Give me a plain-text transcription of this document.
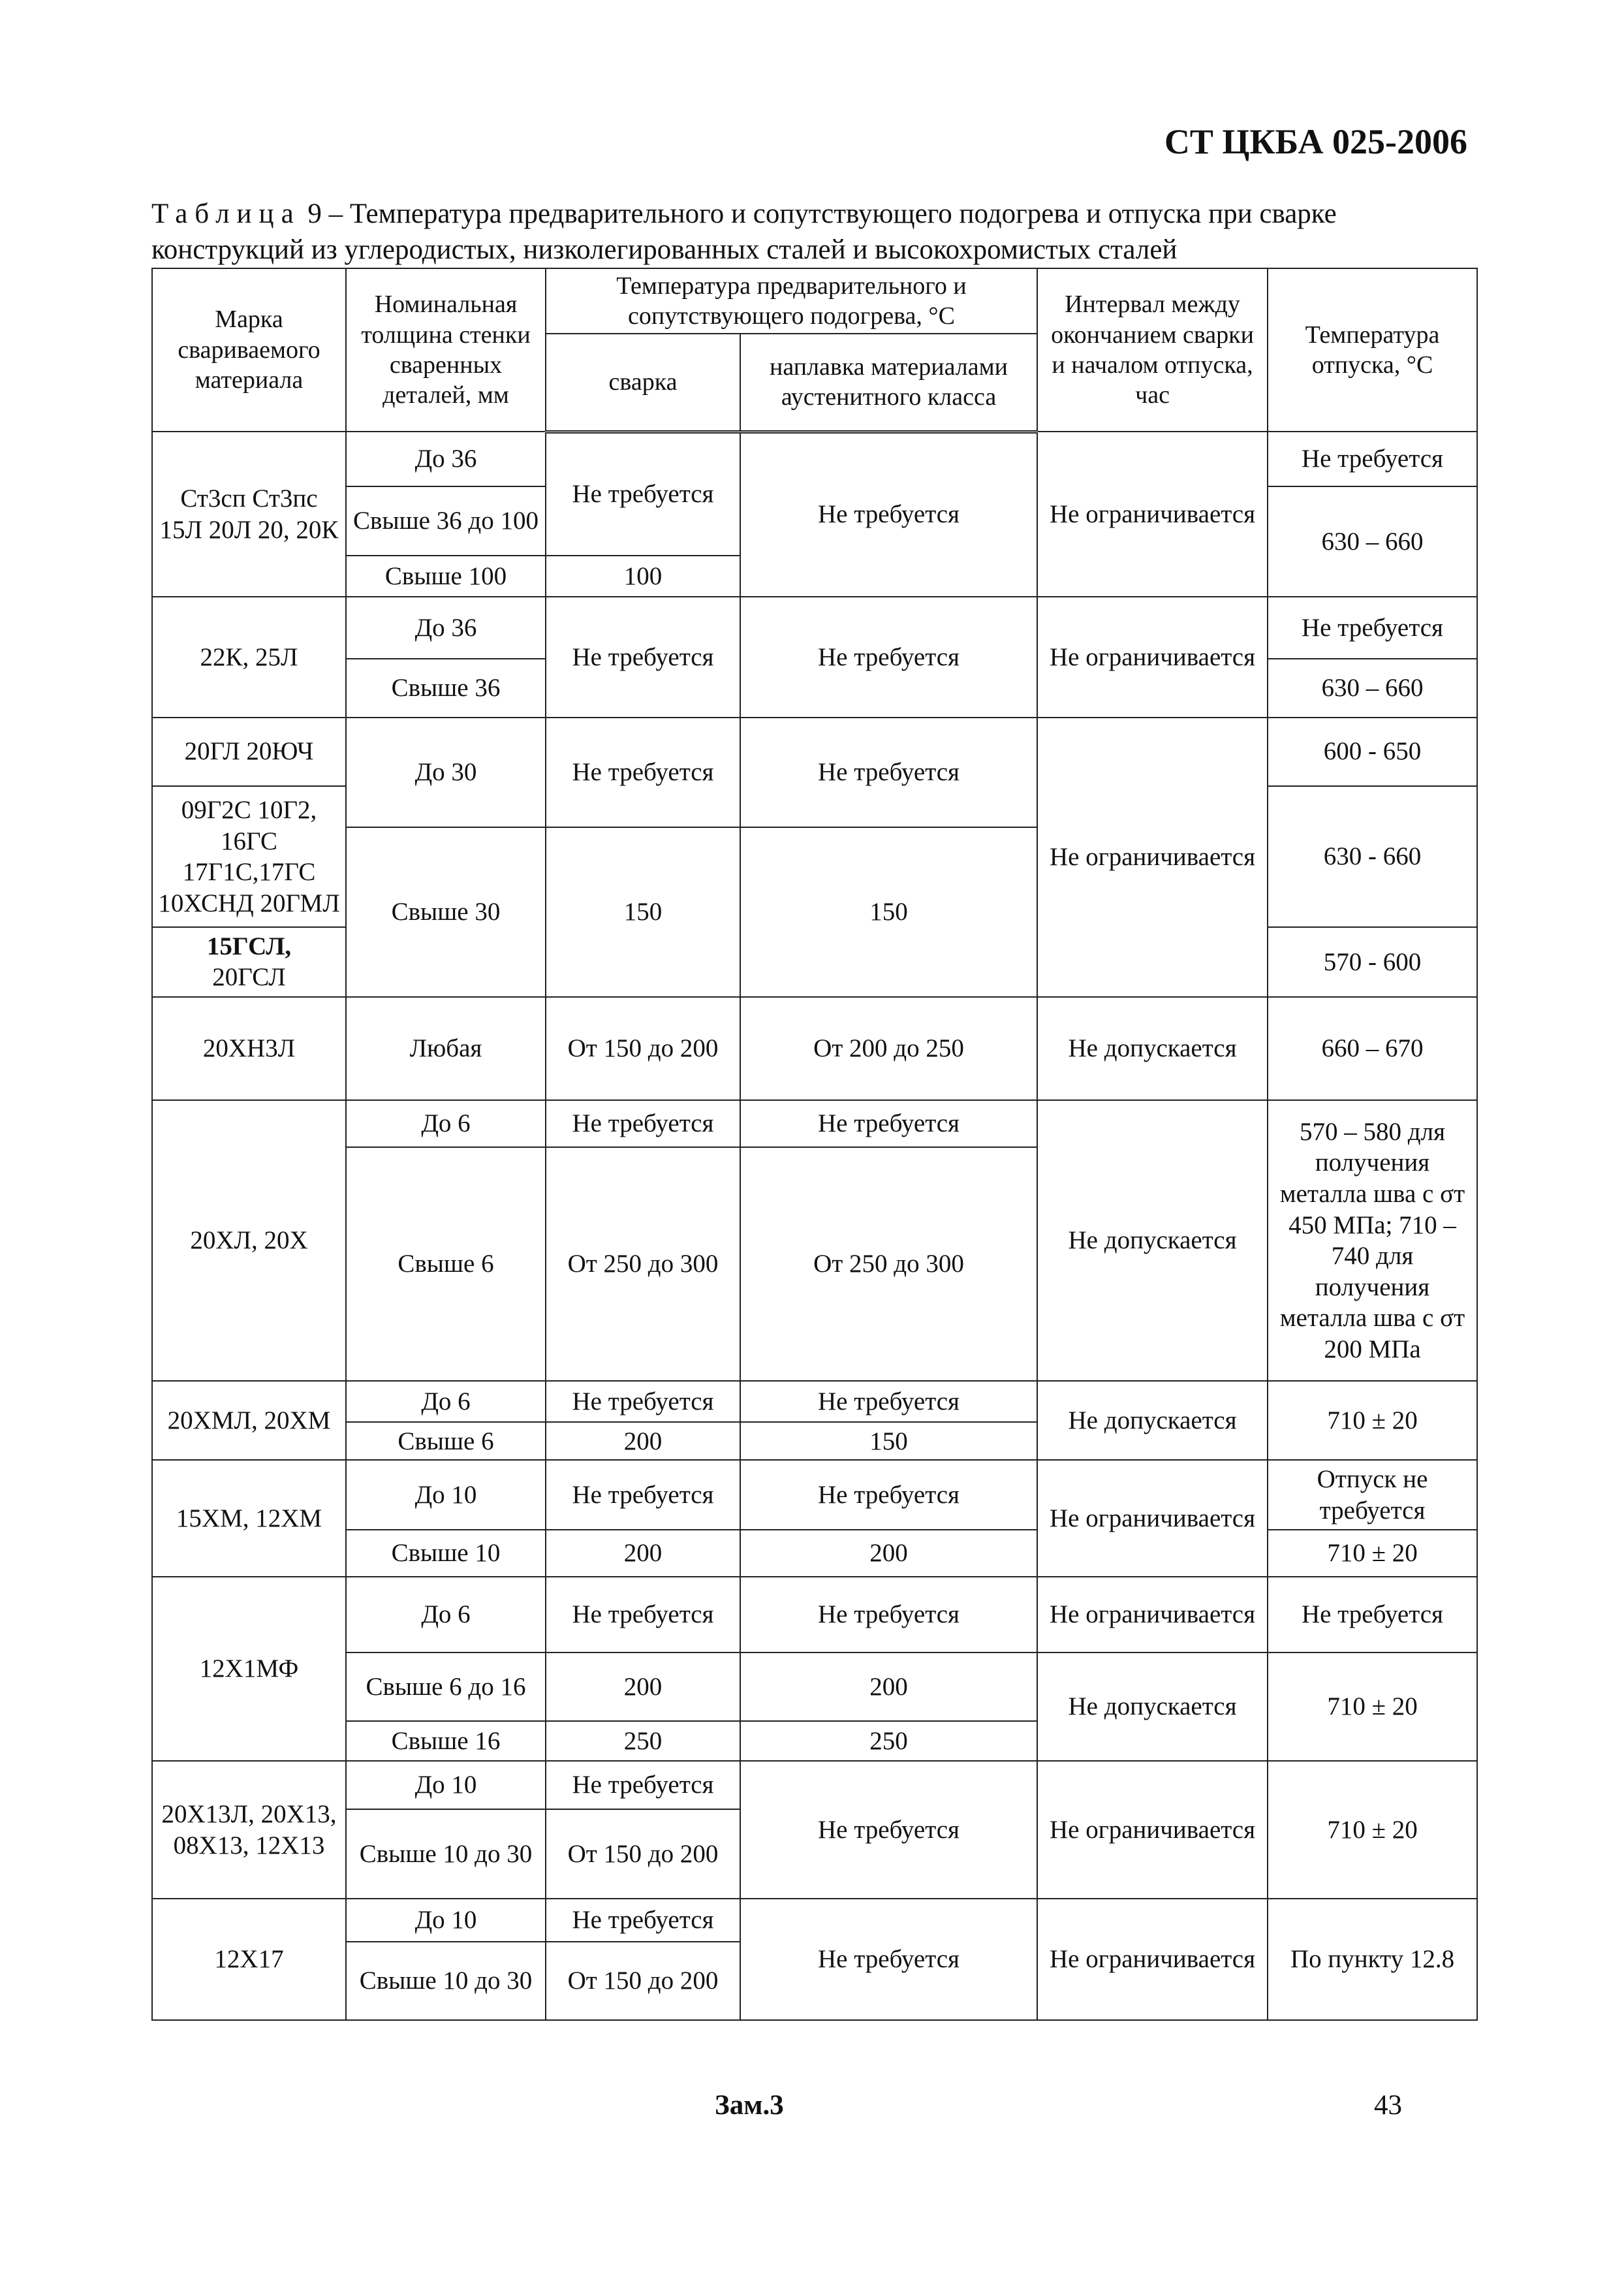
СТ ЦКБА 025-2006
Таблица 9 – Температура предварительного и сопутствующего подогрева и отпуска при сварке конструкций из углеродистых, низколегированных сталей и высокохромистых сталей
Марка свариваемого материала	Номинальная толщина стенки сваренных деталей, мм	Температура предварительного и сопутствующего подогрева, °С		Интервал между окончанием сварки и началом отпуска, час	Температура отпуска, °С
		сварка	наплавка материалами аустенитного класса		
Ст3сп Ст3пс 15Л 20Л 20, 20К	До 36	Не требуется	Не требуется	Не ограничивается	Не требуется
	Свыше 36 до 100				630 – 660
	Свыше 100	100			
22К, 25Л	До 36	Не требуется	Не требуется	Не ограничивается	Не требуется
	Свыше 36				630 – 660
20ГЛ 20ЮЧ	До 30	Не требуется	Не требуется	Не ограничивается	600 - 650
09Г2С 10Г2, 16ГС 17Г1С,17ГС 10ХСНД 20ГМЛ					630 - 660
	Свыше 30	150	150		

15ГСЛ,
20ГСЛ					570 - 600
20ХН3Л	Любая	От 150 до 200	От 200 до 250	Не допускается	660 – 670
20ХЛ, 20Х	До 6	Не требуется	Не требуется	Не допускается	570 – 580 для получения металла шва с σт 450 МПа; 710 – 740 для получения металла шва с σт 200 МПа
	Свыше 6	От 250 до 300	От 250 до 300		
20ХМЛ, 20ХМ	До 6	Не требуется	Не требуется	Не допускается	710 ± 20
	Свыше 6	200	150		
15ХМ, 12ХМ	До 10	Не требуется	Не требуется	Не ограничивается	Отпуск не требуется
	Свыше 10	200	200		710 ± 20
12Х1МФ	До 6	Не требуется	Не требуется	Не ограничивается	Не требуется
	Свыше 6 до 16	200	200	Не допускается	710 ± 20
	Свыше 16	250	250		
20Х13Л, 20Х13, 08Х13, 12Х13	До 10	Не требуется	Не требуется	Не ограничивается	710 ± 20
	Свыше 10 до 30	От 150 до 200			
12Х17	До 10	Не требуется	Не требуется	Не ограничивается	По пункту 12.8
	Свыше 10 до 30	От 150 до 200			
Зам.3	43
